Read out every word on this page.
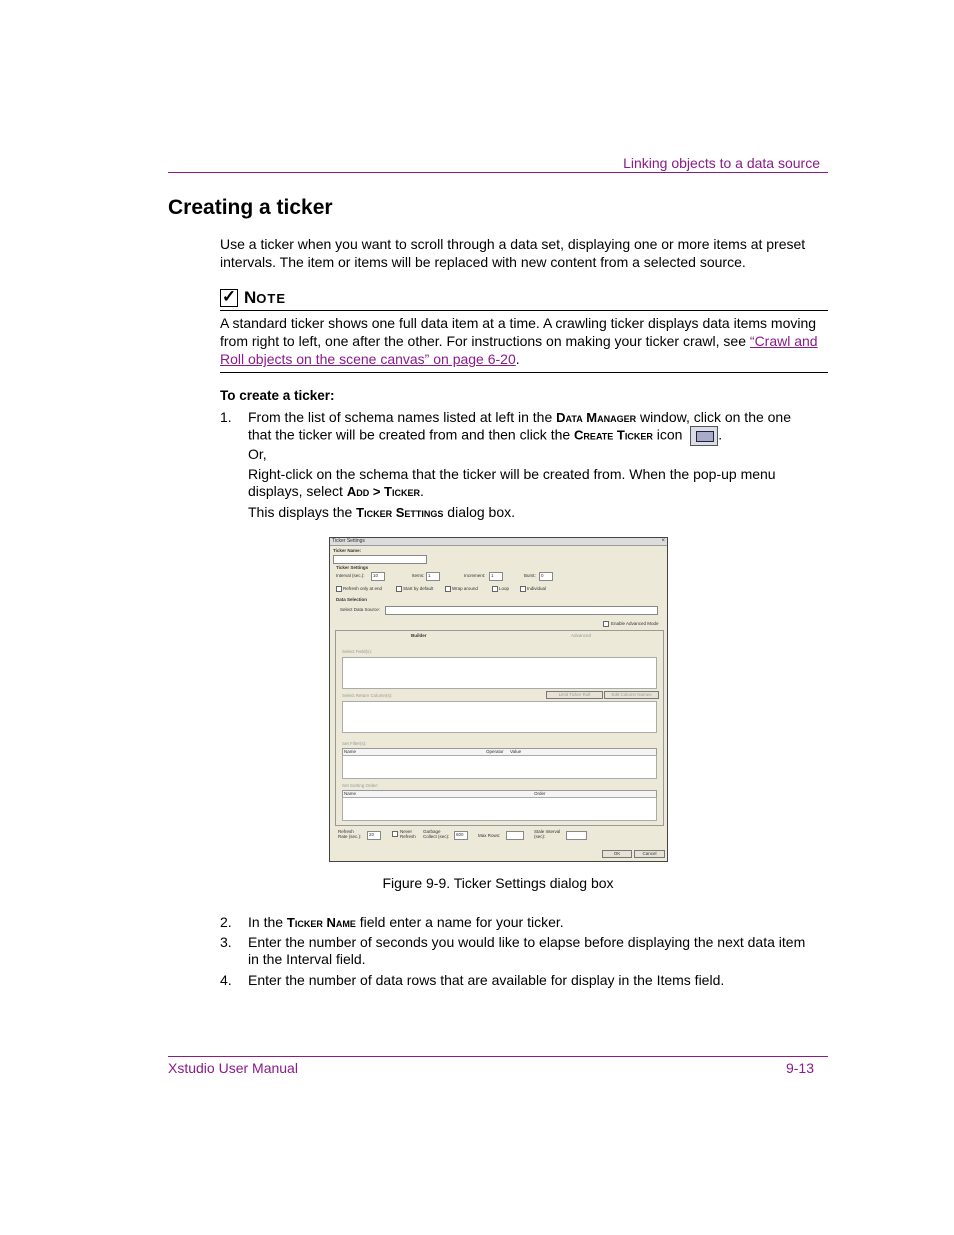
Linking objects to a data source
Creating a ticker
Use a ticker when you want to scroll through a data set, displaying one or more items at preset intervals. The item or items will be replaced with new content from a selected source.
✓ NOTE
A standard ticker shows one full data item at a time. A crawling ticker displays data items moving from right to left, one after the other. For instructions on making your ticker crawl, see “Crawl and Roll objects on the scene canvas” on page 6-20.
To create a ticker:
1. From the list of schema names listed at left in the Data Manager window, click on the one that the ticker will be created from and then click the Create Ticker icon
.
Or,
Right-click on the schema that the ticker will be created from. When the pop-up menu displays, select Add > Ticker.
This displays the Ticker Settings dialog box.
Ticker Settings	×
Ticker Name:
Ticker Settings
Interval (sec.): 10	Items: 1	Increment: 1	Burst: 0
Refresh only at end	Start by default	Wrap around	Loop	Individual
Data Selection
Select Data Source:
Enable Advanced Mode
Builder	Advanced
Select Field(s):
Select Return Column(s):	Limit Ticker Roll	Edit Column Names
Set Filter(s):
Name	Operator Value
Set Sorting Order:
Name	Order
Refresh Rate (sec.): 20
Never Refresh
Garbage Collect (sec):	600	Max Rows:
Stale Interval (sec):
OK	Cancel
Figure 9-9. Ticker Settings dialog box
2. In the Ticker Name field enter a name for your ticker.
3. Enter the number of seconds you would like to elapse before displaying the next data item in the Interval field.
4. Enter the number of data rows that are available for display in the Items field.
Xstudio User Manual	9-13
